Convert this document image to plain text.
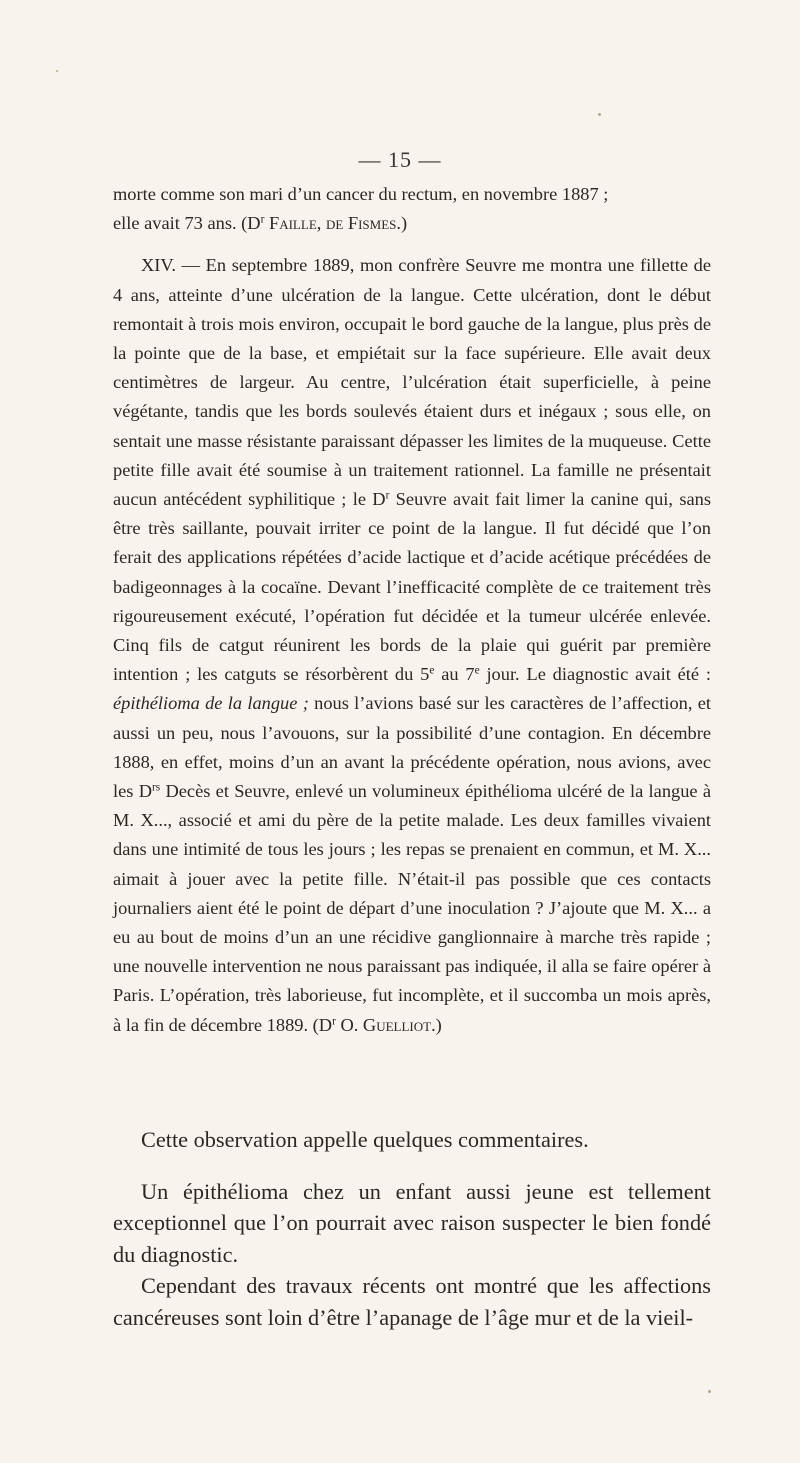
— 15 —

morte comme son mari d’un cancer du rectum, en novembre 1887 ;
elle avait 73 ans. ($D^r$ Faille, de Fismes.)

XIV. — En septembre 1889, mon confrère Seuvre me montra une fillette de 4 ans, atteinte d’une ulcération de la langue. Cette ulcération, dont le début remontait à trois mois environ, occupait le bord gauche de la langue, plus près de la pointe que de la base, et empiétait sur la face supérieure. Elle avait deux centimètres de largeur. Au centre, l’ulcération était superficielle, à peine végétante, tandis que les bords soulevés étaient durs et inégaux ; sous elle, on sentait une masse résistante paraissant dépasser les limites de la muqueuse. Cette petite fille avait été soumise à un traitement rationnel. La famille ne présentait aucun antécédent syphilitique ; le $D^r$ Seuvre avait fait limer la canine qui, sans être très saillante, pouvait irriter ce point de la langue. Il fut décidé que l’on ferait des applications répétées d’acide lactique et d’acide acétique précédées de badigeonnages à la cocaïne. Devant l’inefficacité complète de ce traitement très rigoureusement exécuté, l’opération fut décidée et la tumeur ulcérée enlevée. Cinq fils de catgut réunirent les bords de la plaie qui guérit par première intention ; les catguts se résorbèrent du 5e au 7e jour. Le diagnostic avait été : épithélioma de la langue ; nous l’avions basé sur les caractères de l’affection, et aussi un peu, nous l’avouons, sur la possibilité d’une contagion. En décembre 1888, en effet, moins d’un an avant la précédente opération, nous avions, avec les $D^{rs}$ Decès et Seuvre, enlevé un volumineux épithélioma ulcéré de la langue à M. X..., associé et ami du père de la petite malade. Les deux familles vivaient dans une intimité de tous les jours ; les repas se prenaient en commun, et M. X... aimait à jouer avec la petite fille. N’était-il pas possible que ces contacts journaliers aient été le point de départ d’une inoculation ? J’ajoute que M. X... a eu au bout de moins d’un an une récidive ganglionnaire à marche très rapide ; une nouvelle intervention ne nous paraissant pas indiquée, il alla se faire opérer à Paris. L’opération, très laborieuse, fut incomplète, et il succomba un mois après, à la fin de décembre 1889. ($D^r$ O. Guelliot.)

Cette observation appelle quelques commentaires.

Un épithélioma chez un enfant aussi jeune est tellement exceptionnel que l’on pourrait avec raison suspecter le bien fondé du diagnostic.

Cependant des travaux récents ont montré que les affections cancéreuses sont loin d’être l’apanage de l’âge mur et de la vieil-
